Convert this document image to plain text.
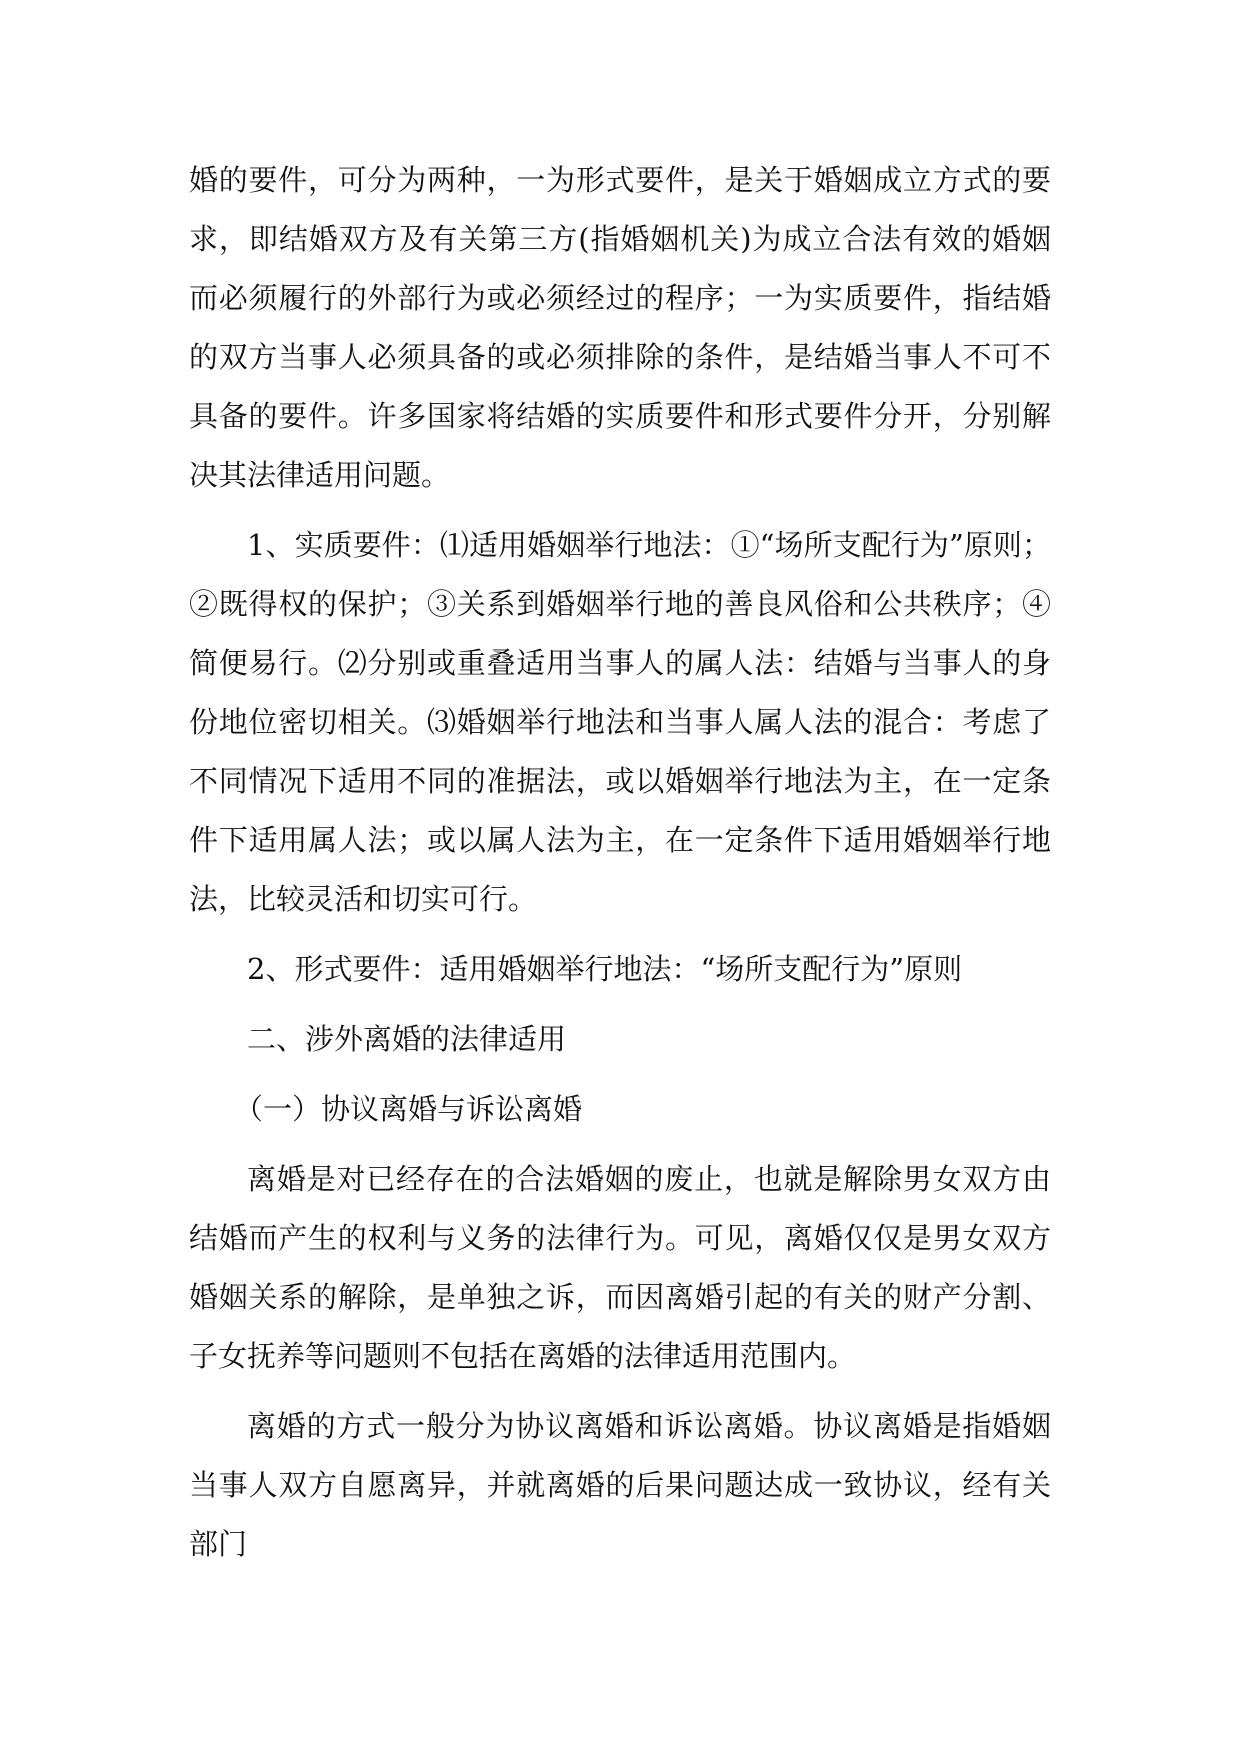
婚的要件，可分为两种，一为形式要件，是关于婚姻成立方式的要求，即结婚双方及有关第三方(指婚姻机关)为成立合法有效的婚姻而必须履行的外部行为或必须经过的程序；一为实质要件，指结婚的双方当事人必须具备的或必须排除的条件，是结婚当事人不可不具备的要件。许多国家将结婚的实质要件和形式要件分开，分别解决其法律适用问题。

1、实质要件：⑴适用婚姻举行地法：①“场所支配行为”原则；②既得权的保护；③关系到婚姻举行地的善良风俗和公共秩序；④简便易行。⑵分别或重叠适用当事人的属人法：结婚与当事人的身份地位密切相关。⑶婚姻举行地法和当事人属人法的混合：考虑了不同情况下适用不同的准据法，或以婚姻举行地法为主，在一定条件下适用属人法；或以属人法为主，在一定条件下适用婚姻举行地法，比较灵活和切实可行。

2、形式要件：适用婚姻举行地法：“场所支配行为”原则

二、涉外离婚的法律适用

（一）协议离婚与诉讼离婚

离婚是对已经存在的合法婚姻的废止，也就是解除男女双方由结婚而产生的权利与义务的法律行为。可见，离婚仅仅是男女双方婚姻关系的解除，是单独之诉，而因离婚引起的有关的财产分割、子女抚养等问题则不包括在离婚的法律适用范围内。

离婚的方式一般分为协议离婚和诉讼离婚。协议离婚是指婚姻当事人双方自愿离异，并就离婚的后果问题达成一致协议，经有关部门
